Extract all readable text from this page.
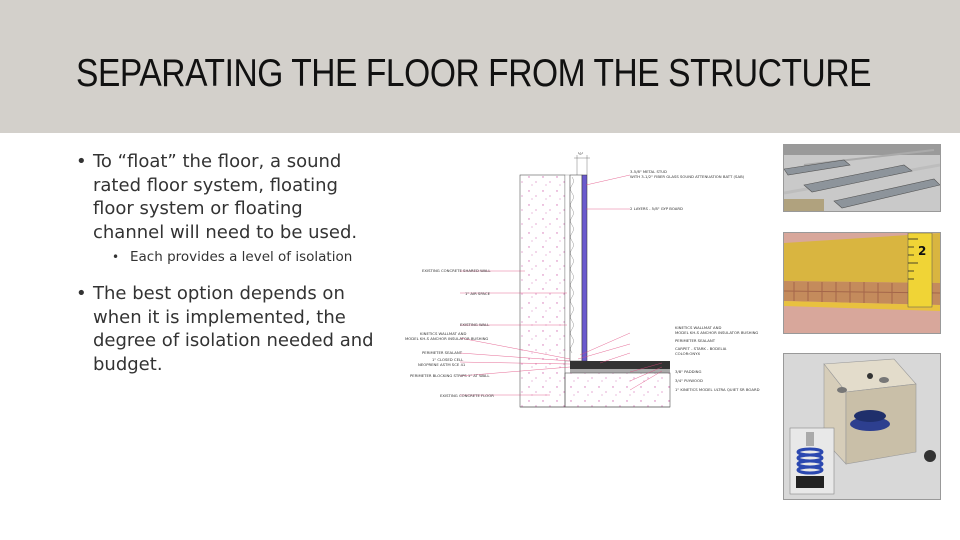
SEPARATING THE FLOOR FROM THE STRUCTURE
• To “float” the floor, a sound rated floor system, floating floor system or floating channel will need to be used.
• Each provides a level of isolation
• The best option depends on when it is implemented, the degree of isolation needed and budget.
½"
3-5/8" METAL STUD
WITH 3-1/2" FIBER GLASS SOUND ATTENUATION BATT (SAB)
2 LAYERS - 5/8" GYP BOARD
KINETICS WALLMAT AND
MODEL KH-S ANCHOR INSULATOR BUSHING
PERIMETER SEALANT
CARPET - STARK - BODELIA
COLOR:ONYX
3/8" PADDING
3/4" PLYWOOD
1" KINETICS MODEL ULTRA QUIET SR BOARD
EXISTING CONCRETE SHARED WALL
1" AIR SPACE
EXISTING WALL
KINETICS WALLMAT AND
MODEL KH-S ANCHOR INSULATOR BUSHING
PERIMETER SEALANT
1" CLOSED CELL
NEOPRENE ASTM SCE 41
PERIMETER BLOCKING STRIPS 1" AT WALL
EXISTING CONCRETE FLOOR
2
